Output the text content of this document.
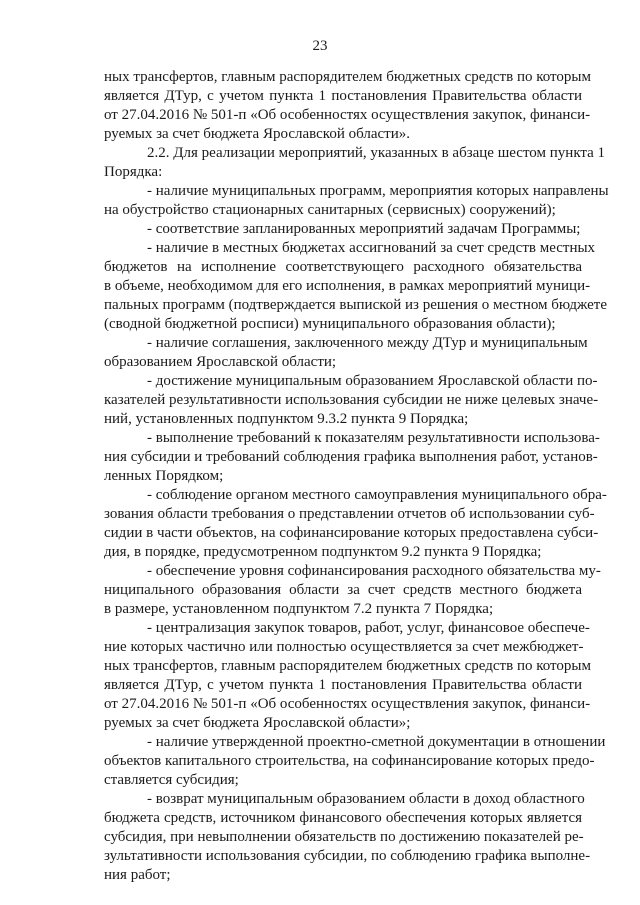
23
ных трансфертов, главным распорядителем бюджетных средств по которым
является ДТур, с учетом пункта 1 постановления Правительства области
от 27.04.2016 № 501-п «Об особенностях осуществления закупок, финанси-
руемых за счет бюджета Ярославской области».
2.2. Для реализации мероприятий, указанных в абзаце шестом пункта 1
Порядка:
- наличие муниципальных программ, мероприятия которых направлены
на обустройство стационарных санитарных (сервисных) сооружений);
- соответствие запланированных мероприятий задачам Программы;
- наличие в местных бюджетах ассигнований за счет средств местных
бюджетов на исполнение соответствующего расходного обязательства
в объеме, необходимом для его исполнения, в рамках мероприятий муници-
пальных программ (подтверждается выпиской из решения о местном бюджете
(сводной бюджетной росписи) муниципального образования области);
- наличие соглашения, заключенного между ДТур и муниципальным
образованием Ярославской области;
- достижение муниципальным образованием Ярославской области по-
казателей результативности использования субсидии не ниже целевых значе-
ний, установленных подпунктом 9.3.2 пункта 9 Порядка;
- выполнение требований к показателям результативности использова-
ния субсидии и требований соблюдения графика выполнения работ, установ-
ленных Порядком;
- соблюдение органом местного самоуправления муниципального обра-
зования области требования о представлении отчетов об использовании суб-
сидии в части объектов, на софинансирование которых предоставлена субси-
дия, в порядке, предусмотренном подпунктом 9.2 пункта 9 Порядка;
- обеспечение уровня софинансирования расходного обязательства му-
ниципального образования области за счет средств местного бюджета
в размере, установленном подпунктом 7.2 пункта 7 Порядка;
- централизация закупок товаров, работ, услуг, финансовое обеспече-
ние которых частично или полностью осуществляется за счет межбюджет-
ных трансфертов, главным распорядителем бюджетных средств по которым
является ДТур, с учетом пункта 1 постановления Правительства области
от 27.04.2016 № 501-п «Об особенностях осуществления закупок, финанси-
руемых за счет бюджета Ярославской области»;
- наличие утвержденной проектно-сметной документации в отношении
объектов капитального строительства, на софинансирование которых предо-
ставляется субсидия;
- возврат муниципальным образованием области в доход областного
бюджета средств, источником финансового обеспечения которых является
субсидия, при невыполнении обязательств по достижению показателей ре-
зультативности использования субсидии, по соблюдению графика выполне-
ния работ;
